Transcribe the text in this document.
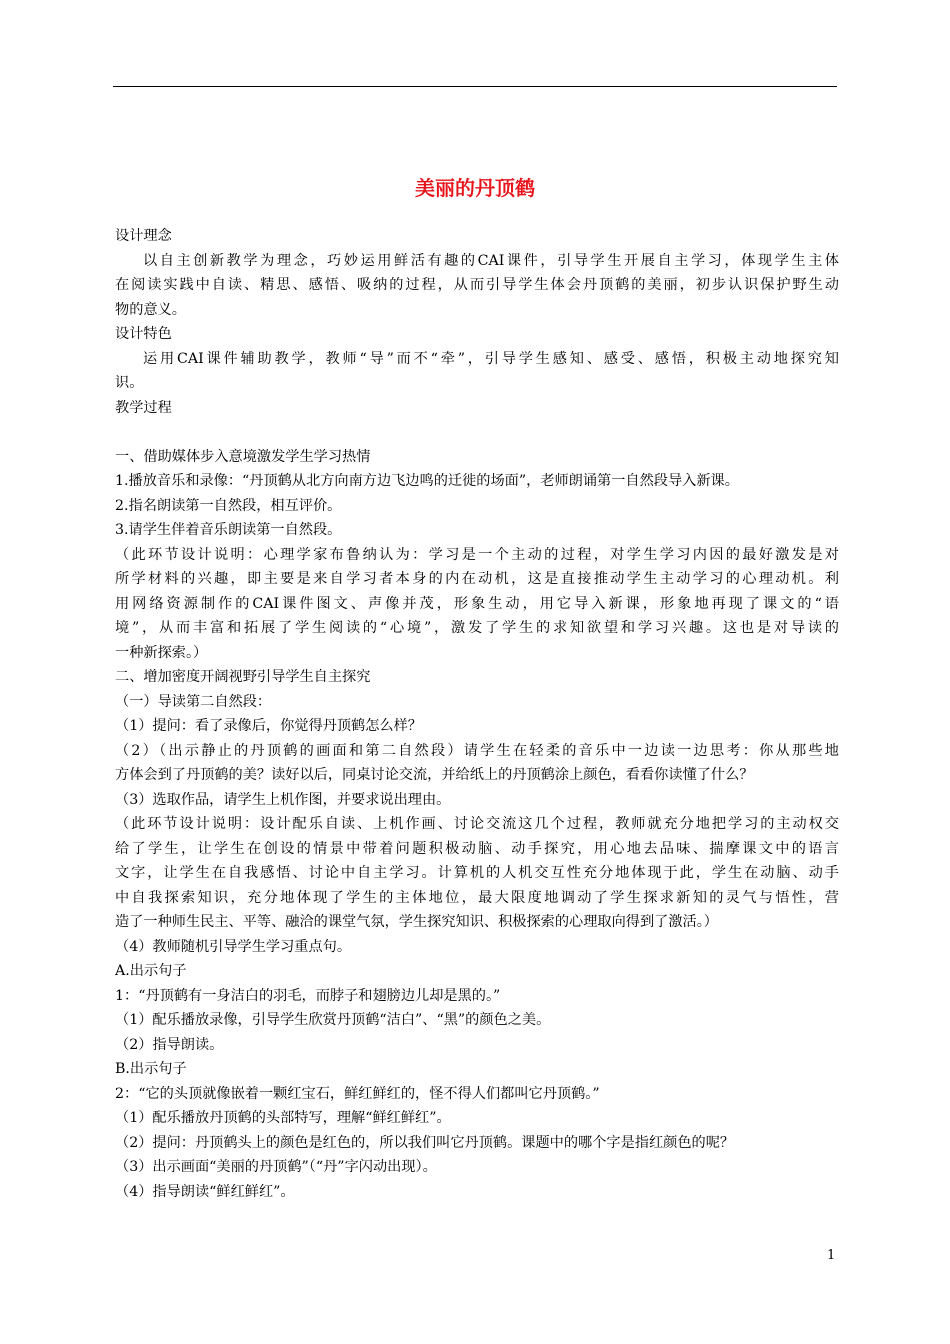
美丽的丹顶鹤
设计理念
以自主创新教学为理念，巧妙运用鲜活有趣的CAI课件，引导学生开展自主学习，体现学生主体
在阅读实践中自读、精思、感悟、吸纳的过程，从而引导学生体会丹顶鹤的美丽，初步认识保护野生动
物的意义。
设计特色
运用CAI课件辅助教学，教师“导”而不“牵”，引导学生感知、感受、感悟，积极主动地探究知
识。
教学过程
一、借助媒体步入意境激发学生学习热情
1.播放音乐和录像：“丹顶鹤从北方向南方边飞边鸣的迁徙的场面”，老师朗诵第一自然段导入新课。
2.指名朗读第一自然段，相互评价。
3.请学生伴着音乐朗读第一自然段。
（此环节设计说明：心理学家布鲁纳认为：学习是一个主动的过程，对学生学习内因的最好激发是对
所学材料的兴趣，即主要是来自学习者本身的内在动机，这是直接推动学生主动学习的心理动机。利
用网络资源制作的CAI课件图文、声像并茂，形象生动，用它导入新课，形象地再现了课文的“语
境”，从而丰富和拓展了学生阅读的“心境”，激发了学生的求知欲望和学习兴趣。这也是对导读的
一种新探索。）
二、增加密度开阔视野引导学生自主探究
（一）导读第二自然段：
（1）提问：看了录像后，你觉得丹顶鹤怎么样？
（2）（出示静止的丹顶鹤的画面和第二自然段）请学生在轻柔的音乐中一边读一边思考：你从那些地
方体会到了丹顶鹤的美？读好以后，同桌讨论交流，并给纸上的丹顶鹤涂上颜色，看看你读懂了什么？
（3）选取作品，请学生上机作图，并要求说出理由。
（此环节设计说明：设计配乐自读、上机作画、讨论交流这几个过程，教师就充分地把学习的主动权交
给了学生，让学生在创设的情景中带着问题积极动脑、动手探究，用心地去品味、揣摩课文中的语言
文字，让学生在自我感悟、讨论中自主学习。计算机的人机交互性充分地体现于此，学生在动脑、动手
中自我探索知识，充分地体现了学生的主体地位，最大限度地调动了学生探求新知的灵气与悟性，营
造了一种师生民主、平等、融洽的课堂气氛，学生探究知识、积极探索的心理取向得到了激活。）
（4）教师随机引导学生学习重点句。
A.出示句子
1：“丹顶鹤有一身洁白的羽毛，而脖子和翅膀边儿却是黑的。”
（1）配乐播放录像，引导学生欣赏丹顶鹤“洁白”、“黑”的颜色之美。
（2）指导朗读。
B.出示句子
2：“它的头顶就像嵌着一颗红宝石，鲜红鲜红的，怪不得人们都叫它丹顶鹤。”
（1）配乐播放丹顶鹤的头部特写，理解“鲜红鲜红”。
（2）提问：丹顶鹤头上的颜色是红色的，所以我们叫它丹顶鹤。课题中的哪个字是指红颜色的呢？
（3）出示画面“美丽的丹顶鹤”（“丹”字闪动出现）。
（4）指导朗读“鲜红鲜红”。
1
